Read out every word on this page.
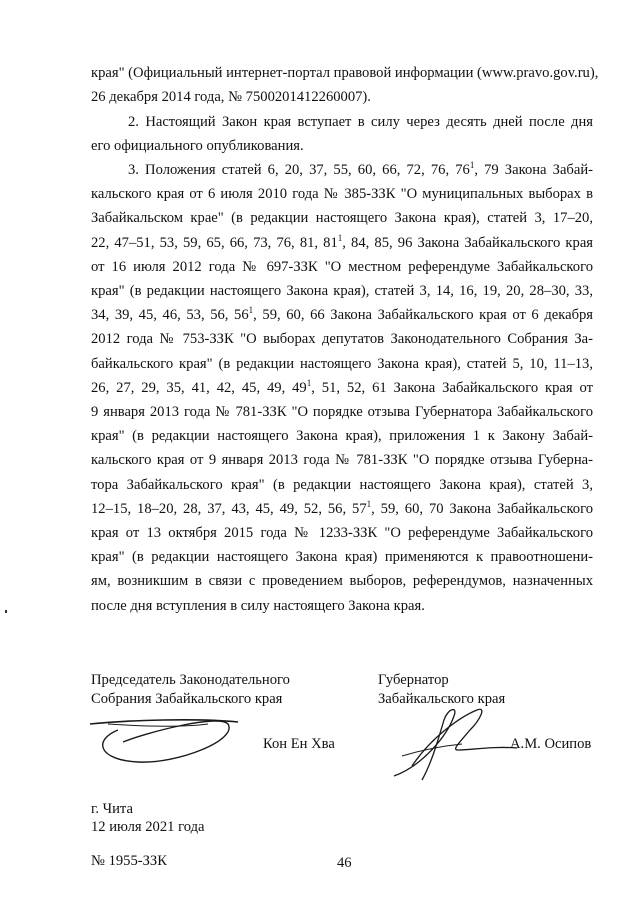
края" (Официальный интернет-портал правовой информации (www.pravo.gov.ru),
26 декабря 2014 года, № 7500201412260007).
2. Настоящий Закон края вступает в силу через десять дней после дня
его официального опубликования.
3. Положения статей 6, 20, 37, 55, 60, 66, 72, 76, $76^1$, 79 Закона Забай-
кальского края от 6 июля 2010 года № 385-ЗЗК "О муниципальных выборах в
Забайкальском крае" (в редакции настоящего Закона края), статей 3, 17–20,
22, 47–51, 53, 59, 65, 66, 73, 76, 81, $81^1$, 84, 85, 96 Закона Забайкальского края
от 16 июля 2012 года № 697-ЗЗК "О местном референдуме Забайкальского
края" (в редакции настоящего Закона края), статей 3, 14, 16, 19, 20, 28–30, 33,
34, 39, 45, 46, 53, 56, $56^1$, 59, 60, 66 Закона Забайкальского края от 6 декабря
2012 года № 753-ЗЗК "О выборах депутатов Законодательного Собрания За-
байкальского края" (в редакции настоящего Закона края), статей 5, 10, 11–13,
26, 27, 29, 35, 41, 42, 45, 49, $49^1$, 51, 52, 61 Закона Забайкальского края от
9 января 2013 года № 781-ЗЗК "О порядке отзыва Губернатора Забайкальского
края" (в редакции настоящего Закона края), приложения 1 к Закону Забай-
кальского края от 9 января 2013 года № 781-ЗЗК "О порядке отзыва Губерна-
тора Забайкальского края" (в редакции настоящего Закона края), статей 3,
12–15, 18–20, 28, 37, 43, 45, 49, 52, 56, $57^1$, 59, 60, 70 Закона Забайкальского
края от 13 октября 2015 года № 1233-ЗЗК "О референдуме Забайкальского
края" (в редакции настоящего Закона края) применяются к правоотношени-
ям, возникшим в связи с проведением выборов, референдумов, назначенных
после дня вступления в силу настоящего Закона края.
Председатель Законодательного
Собрания Забайкальского края
Губернатор
Забайкальского края
Кон Ен Хва	А.М. Осипов
г. Чита
12 июля 2021 года
№ 1955-ЗЗК	46
